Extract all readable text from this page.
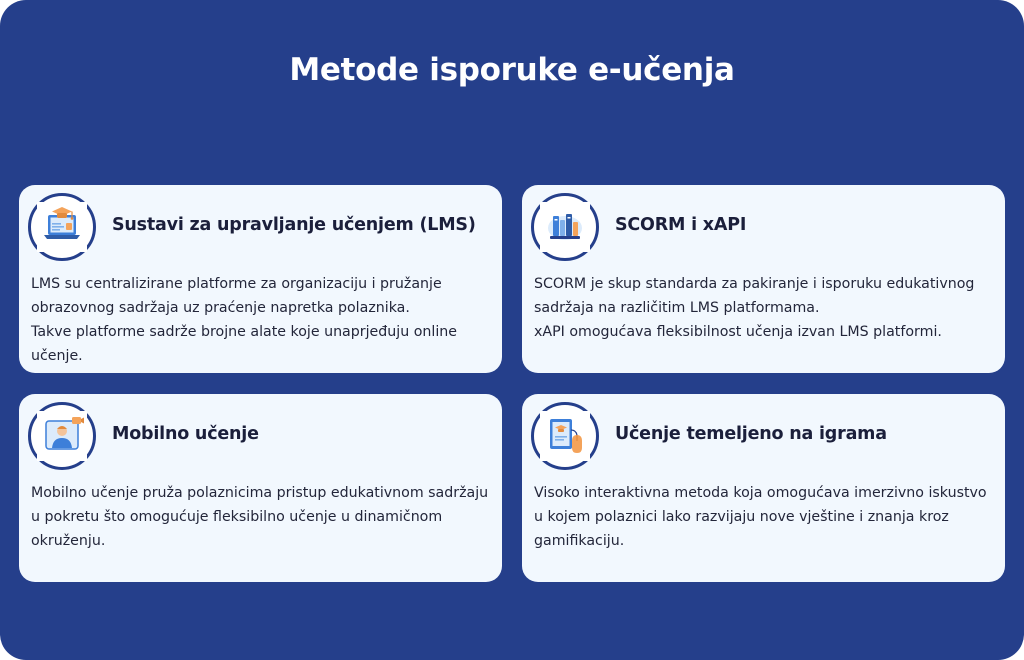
Metode isporuke e-učenja
Sustavi za upravljanje učenjem (LMS)

LMS su centralizirane platforme za organizaciju i pružanje obrazovnog sadržaja uz praćenje napretka polaznika.

Takve platforme sadrže brojne alate koje unaprjeđuju online učenje.

SCORM i xAPI

SCORM je skup standarda za pakiranje i isporuku edukativnog sadržaja na različitim LMS platformama.

xAPI omogućava fleksibilnost učenja izvan LMS platformi.

Mobilno učenje

Mobilno učenje pruža polaznicima pristup edukativnom sadržaju u pokretu što omogućuje fleksibilno učenje u dinamičnom okruženju.

Učenje temeljeno na igrama

Visoko interaktivna metoda koja omogućava imerzivno iskustvo u kojem polaznici lako razvijaju nove vještine i znanja kroz gamifikaciju.
